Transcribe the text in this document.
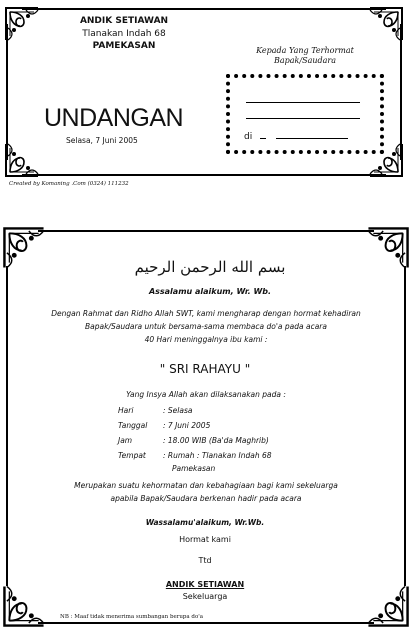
ANDIK SETIAWAN
Tlanakan Indah 68
PAMEKASAN
UNDANGAN
Selasa, 7 Juni 2005
Kepada Yang Terhormat
Bapak/Saudara
di
Created by Komaning .Com (0324) 111232
بسم الله الرحمن الرحيم
Assalamu alaikum, Wr. Wb.
Dengan Rahmat dan Ridho Allah SWT, kami mengharap dengan hormat kehadiran
Bapak/Saudara untuk bersama-sama membaca do'a pada acara
40 Hari meninggalnya ibu kami :
" SRI RAHAYU "
Yang Insya Allah akan dilaksanakan pada :
Hari	: Selasa
Tanggal : 7 Juni 2005
Jam	: 18.00 WIB (Ba'da Maghrib)
Tempat : Rumah : Tlanakan Indah 68
Pamekasan
Merupakan suatu kehormatan dan kebahagiaan bagi kami sekeluarga
apabila Bapak/Saudara berkenan hadir pada acara
Wassalamu'alaikum, Wr.Wb.
Hormat kami
Ttd
ANDIK SETIAWAN
Sekeluarga
NB : Maaf tidak menerima sumbangan berupa do'a
